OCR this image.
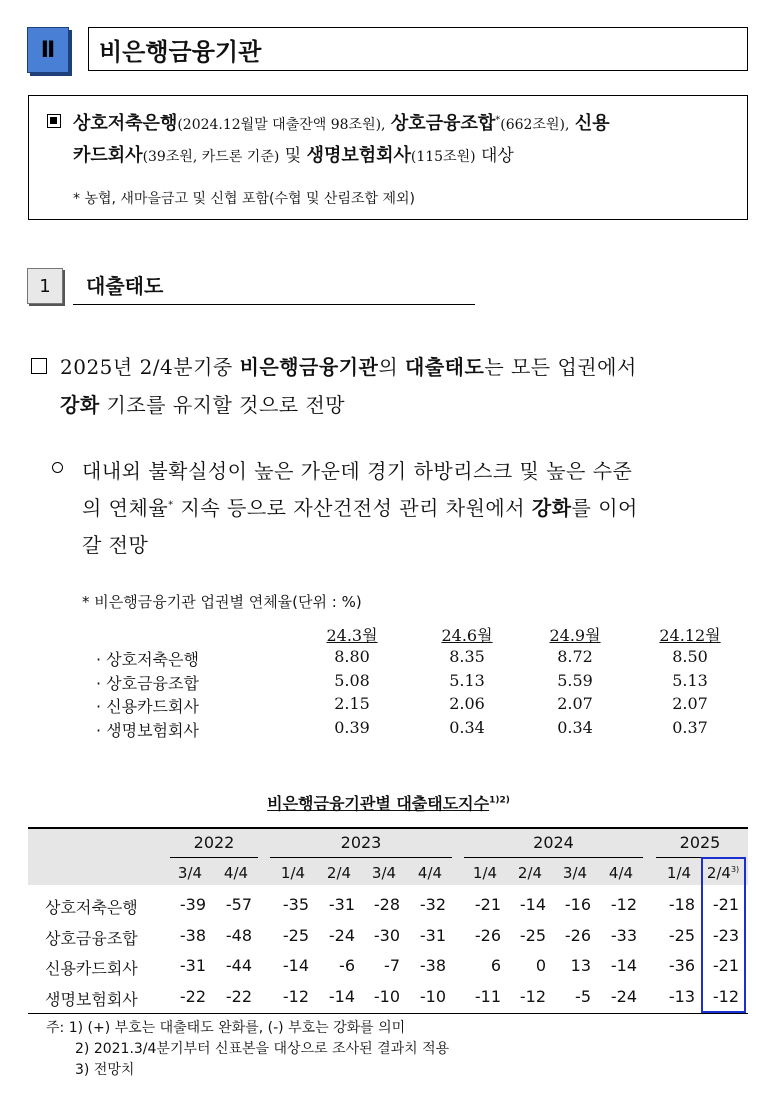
Ⅱ	비은행금융기관
상호저축은행(2024.12월말 대출잔액 98조원), 상호금융조합*(662조원), 신용
카드회사(39조원, 카드론 기준) 및 생명보험회사(115조원) 대상
* 농협, 새마을금고 및 신협 포함(수협 및 산림조합 제외)
1	대출태도
2025년 2/4분기중 비은행금융기관의 대출태도는 모든 업권에서
강화 기조를 유지할 것으로 전망
대내외 불확실성이 높은 가운데 경기 하방리스크 및 높은 수준
의 연체율* 지속 등으로 자산건전성 관리 차원에서 강화를 이어
갈 전망
* 비은행금융기관 업권별 연체율(단위 : %)
24.3월	24.6월	24.9월	24.12월
· 상호저축은행	8.80	8.35	8.72	8.50
· 상호금융조합	5.08	5.13	5.59	5.13
· 신용카드회사	2.15	2.06	2.07	2.07
· 생명보험회사	0.39	0.34	0.34	0.37
비은행금융기관별 대출태도지수$^{1)2)}$
2022	2023	2024	2025
3/4	4/4	1/4	2/4	3/4	4/4	1/4	2/4	3/4	4/4	1/4	2/4$^{3)}$
상호저축은행	-39	-57	-35	-31	-28	-32	-21	-14	-16	-12	-18	-21
상호금융조합	-38	-48	-25	-24	-30	-31	-26	-25	-26	-33	-25	-23
신용카드회사	-31	-44	-14	-6	-7	-38	6	0	13	-14	-36	-21
생명보험회사	-22	-22	-12	-14	-10	-10	-11	-12	-5	-24	-13	-12
주: 1) (+) 부호는 대출태도 완화를, (-) 부호는 강화를 의미
2) 2021.3/4분기부터 신표본을 대상으로 조사된 결과치 적용
3) 전망치
